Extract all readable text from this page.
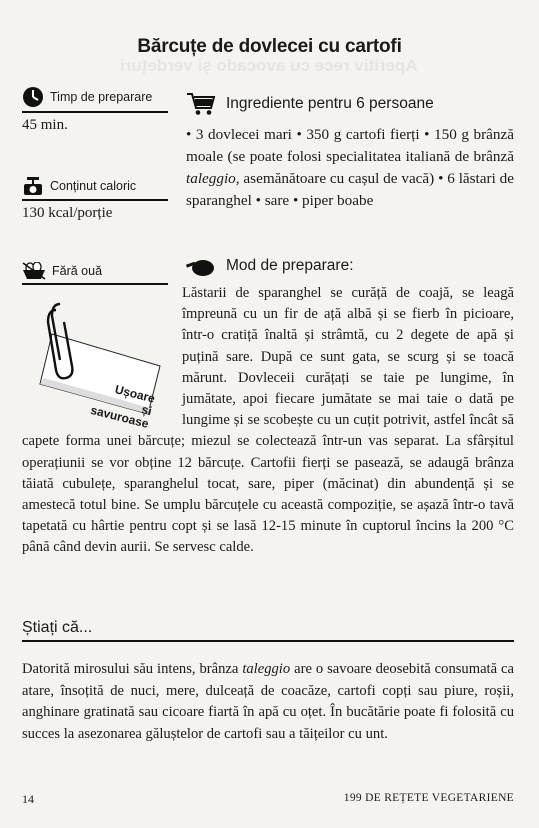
Aperitiv rece cu avocado și verdețuri
Bărcuțe de dovlecei cu cartofi
Timp de preparare
45 min.
Conținut caloric
130 kcal/porție
Fără ouă
Ușoare
și savuroase
Ingrediente pentru 6 persoane
• 3 dovlecei mari • 350 g cartofi fierți • 150 g brânză moale (se poate folosi specialitatea italiană de brânză taleggio, asemănătoare cu cașul de vacă) • 6 lăstari de sparanghel • sare • piper boabe
Mod de preparare:
Lăstarii de sparanghel se curăță de coajă, se leagă împreună cu un fir de ață albă și se fierb în picioare, într-o cratiță înaltă și strâmtă, cu 2 degete de apă și puțină sare. După ce sunt gata, se scurg și se toacă mărunt. Dovleceii curățați se taie pe lungime, în jumătate, apoi fiecare jumătate se mai taie o dată pe lungime și se scobește cu un cuțit potrivit, astfel încât să capete forma unei bărcuțe; miezul se colectează într-un vas separat. La sfârșitul operațiunii se vor obține 12 bărcuțe. Cartofii fierți se pasează, se adaugă brânza tăiată cubulețe, sparanghelul tocat, sare, piper (măcinat) din abundență și se amestecă totul bine. Se umplu bărcuțele cu această compoziție, se așază într-o tavă tapetată cu hârtie pentru copt și se lasă 12-15 minute în cuptorul încins la 200 °C până când devin aurii. Se servesc calde.
Știați că...
Datorită mirosului său intens, brânza taleggio are o savoare deosebită consumată ca atare, însoțită de nuci, mere, dulceață de coacăze, cartofi copți sau piure, roșii, anghinare gratinată sau cicoare fiartă în apă cu oțet. În bucătărie poate fi folosită cu succes la asezonarea găluștelor de cartofi sau a tăițeilor cu unt.
14	199 DE REȚETE VEGETARIENE
